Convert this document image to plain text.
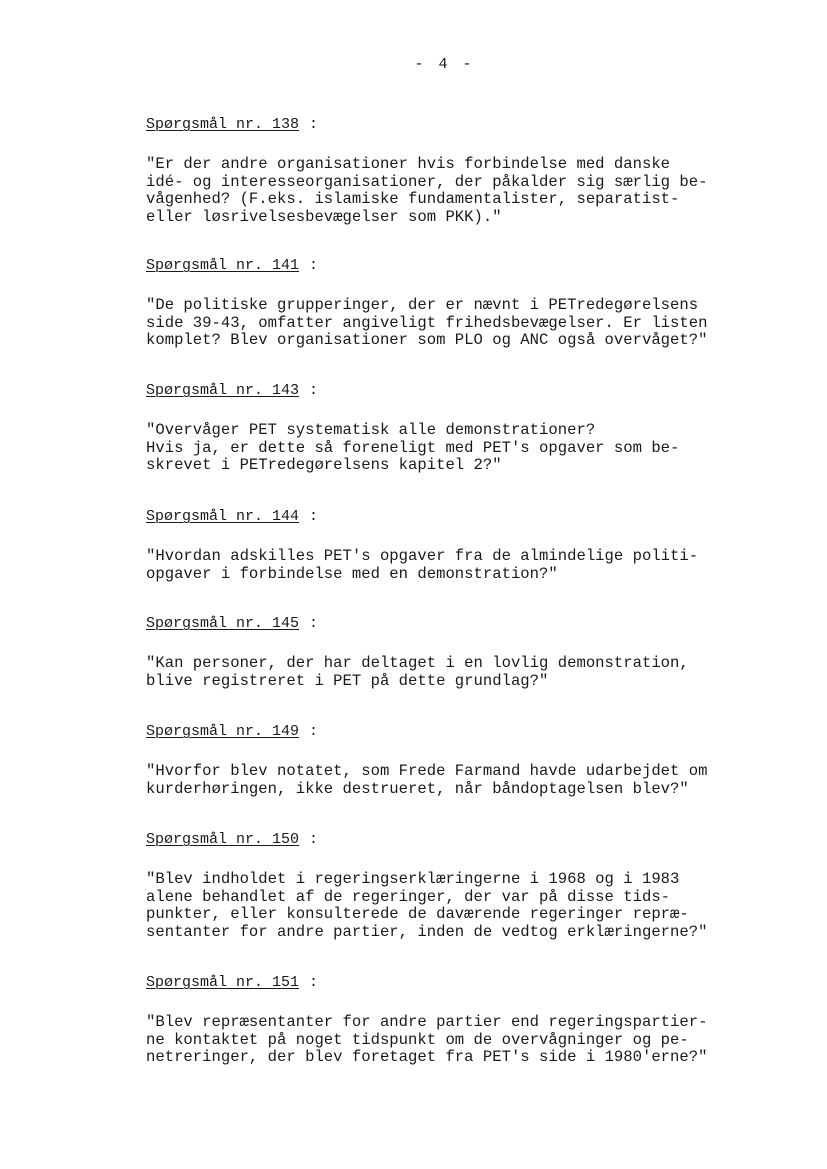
- 4 -
Spørgsmål nr. 138 :
"Er der andre organisationer hvis forbindelse med danske
idé- og interesseorganisationer, der påkalder sig særlig be-
vågenhed? (F.eks. islamiske fundamentalister, separatist-
eller løsrivelsesbevægelser som PKK)."
Spørgsmål nr. 141 :
"De politiske grupperinger, der er nævnt i PETredegørelsens
side 39-43, omfatter angiveligt frihedsbevægelser. Er listen
komplet? Blev organisationer som PLO og ANC også overvåget?"
Spørgsmål nr. 143 :
"Overvåger PET systematisk alle demonstrationer?
Hvis ja, er dette så foreneligt med PET's opgaver som be-
skrevet i PETredegørelsens kapitel 2?"
Spørgsmål nr. 144 :
"Hvordan adskilles PET's opgaver fra de almindelige politi-
opgaver i forbindelse med en demonstration?"
Spørgsmål nr. 145 :
"Kan personer, der har deltaget i en lovlig demonstration,
blive registreret i PET på dette grundlag?"
Spørgsmål nr. 149 :
"Hvorfor blev notatet, som Frede Farmand havde udarbejdet om
kurderhøringen, ikke destrueret, når båndoptagelsen blev?"
Spørgsmål nr. 150 :
"Blev indholdet i regeringserklæringerne i 1968 og i 1983
alene behandlet af de regeringer, der var på disse tids-
punkter, eller konsulterede de daværende regeringer repræ-
sentanter for andre partier, inden de vedtog erklæringerne?"
Spørgsmål nr. 151 :
"Blev repræsentanter for andre partier end regeringspartier-
ne kontaktet på noget tidspunkt om de overvågninger og pe-
netreringer, der blev foretaget fra PET's side i 1980'erne?"
